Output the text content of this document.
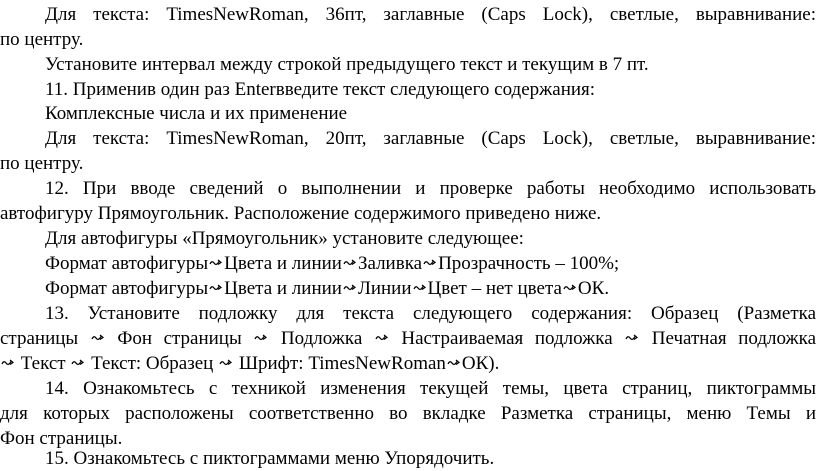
Для текста: TimesNewRoman, 36пт, заглавные (Caps Lock), светлые, выравнивание:
по центру.
Установите интервал между строкой предыдущего текст и текущим в 7 пт.
11. Применив один раз Enterвведите текст следующего содержания:
Комплексные числа и их применение
Для текста: TimesNewRoman, 20пт, заглавные (Caps Lock), светлые, выравнивание:
по центру.
12. При вводе сведений о выполнении и проверке работы необходимо использовать
автофигуру Прямоугольник. Расположение содержимого приведено ниже.
Для автофигуры «Прямоугольник» установите следующее:
Формат автофигуры Цвета и линии Заливка Прозрачность – 100%;
Формат автофигуры Цвета и линии Линии Цвет – нет цвета ОК.
13. Установите подложку для текста следующего содержания: Образец (Разметка
страницы
Фон страницы
Подложка
Настраиваемая подложка
Печатная подложка
Текст
Текст: Образец
Шрифт: TimesNewRoman ОК).
14. Ознакомьтесь с техникой изменения текущей темы, цвета страниц, пиктограммы
для которых расположены соответственно во вкладке Разметка страницы, меню Темы и
Фон страницы.
15. Ознакомьтесь с пиктограммами меню Упорядочить.
